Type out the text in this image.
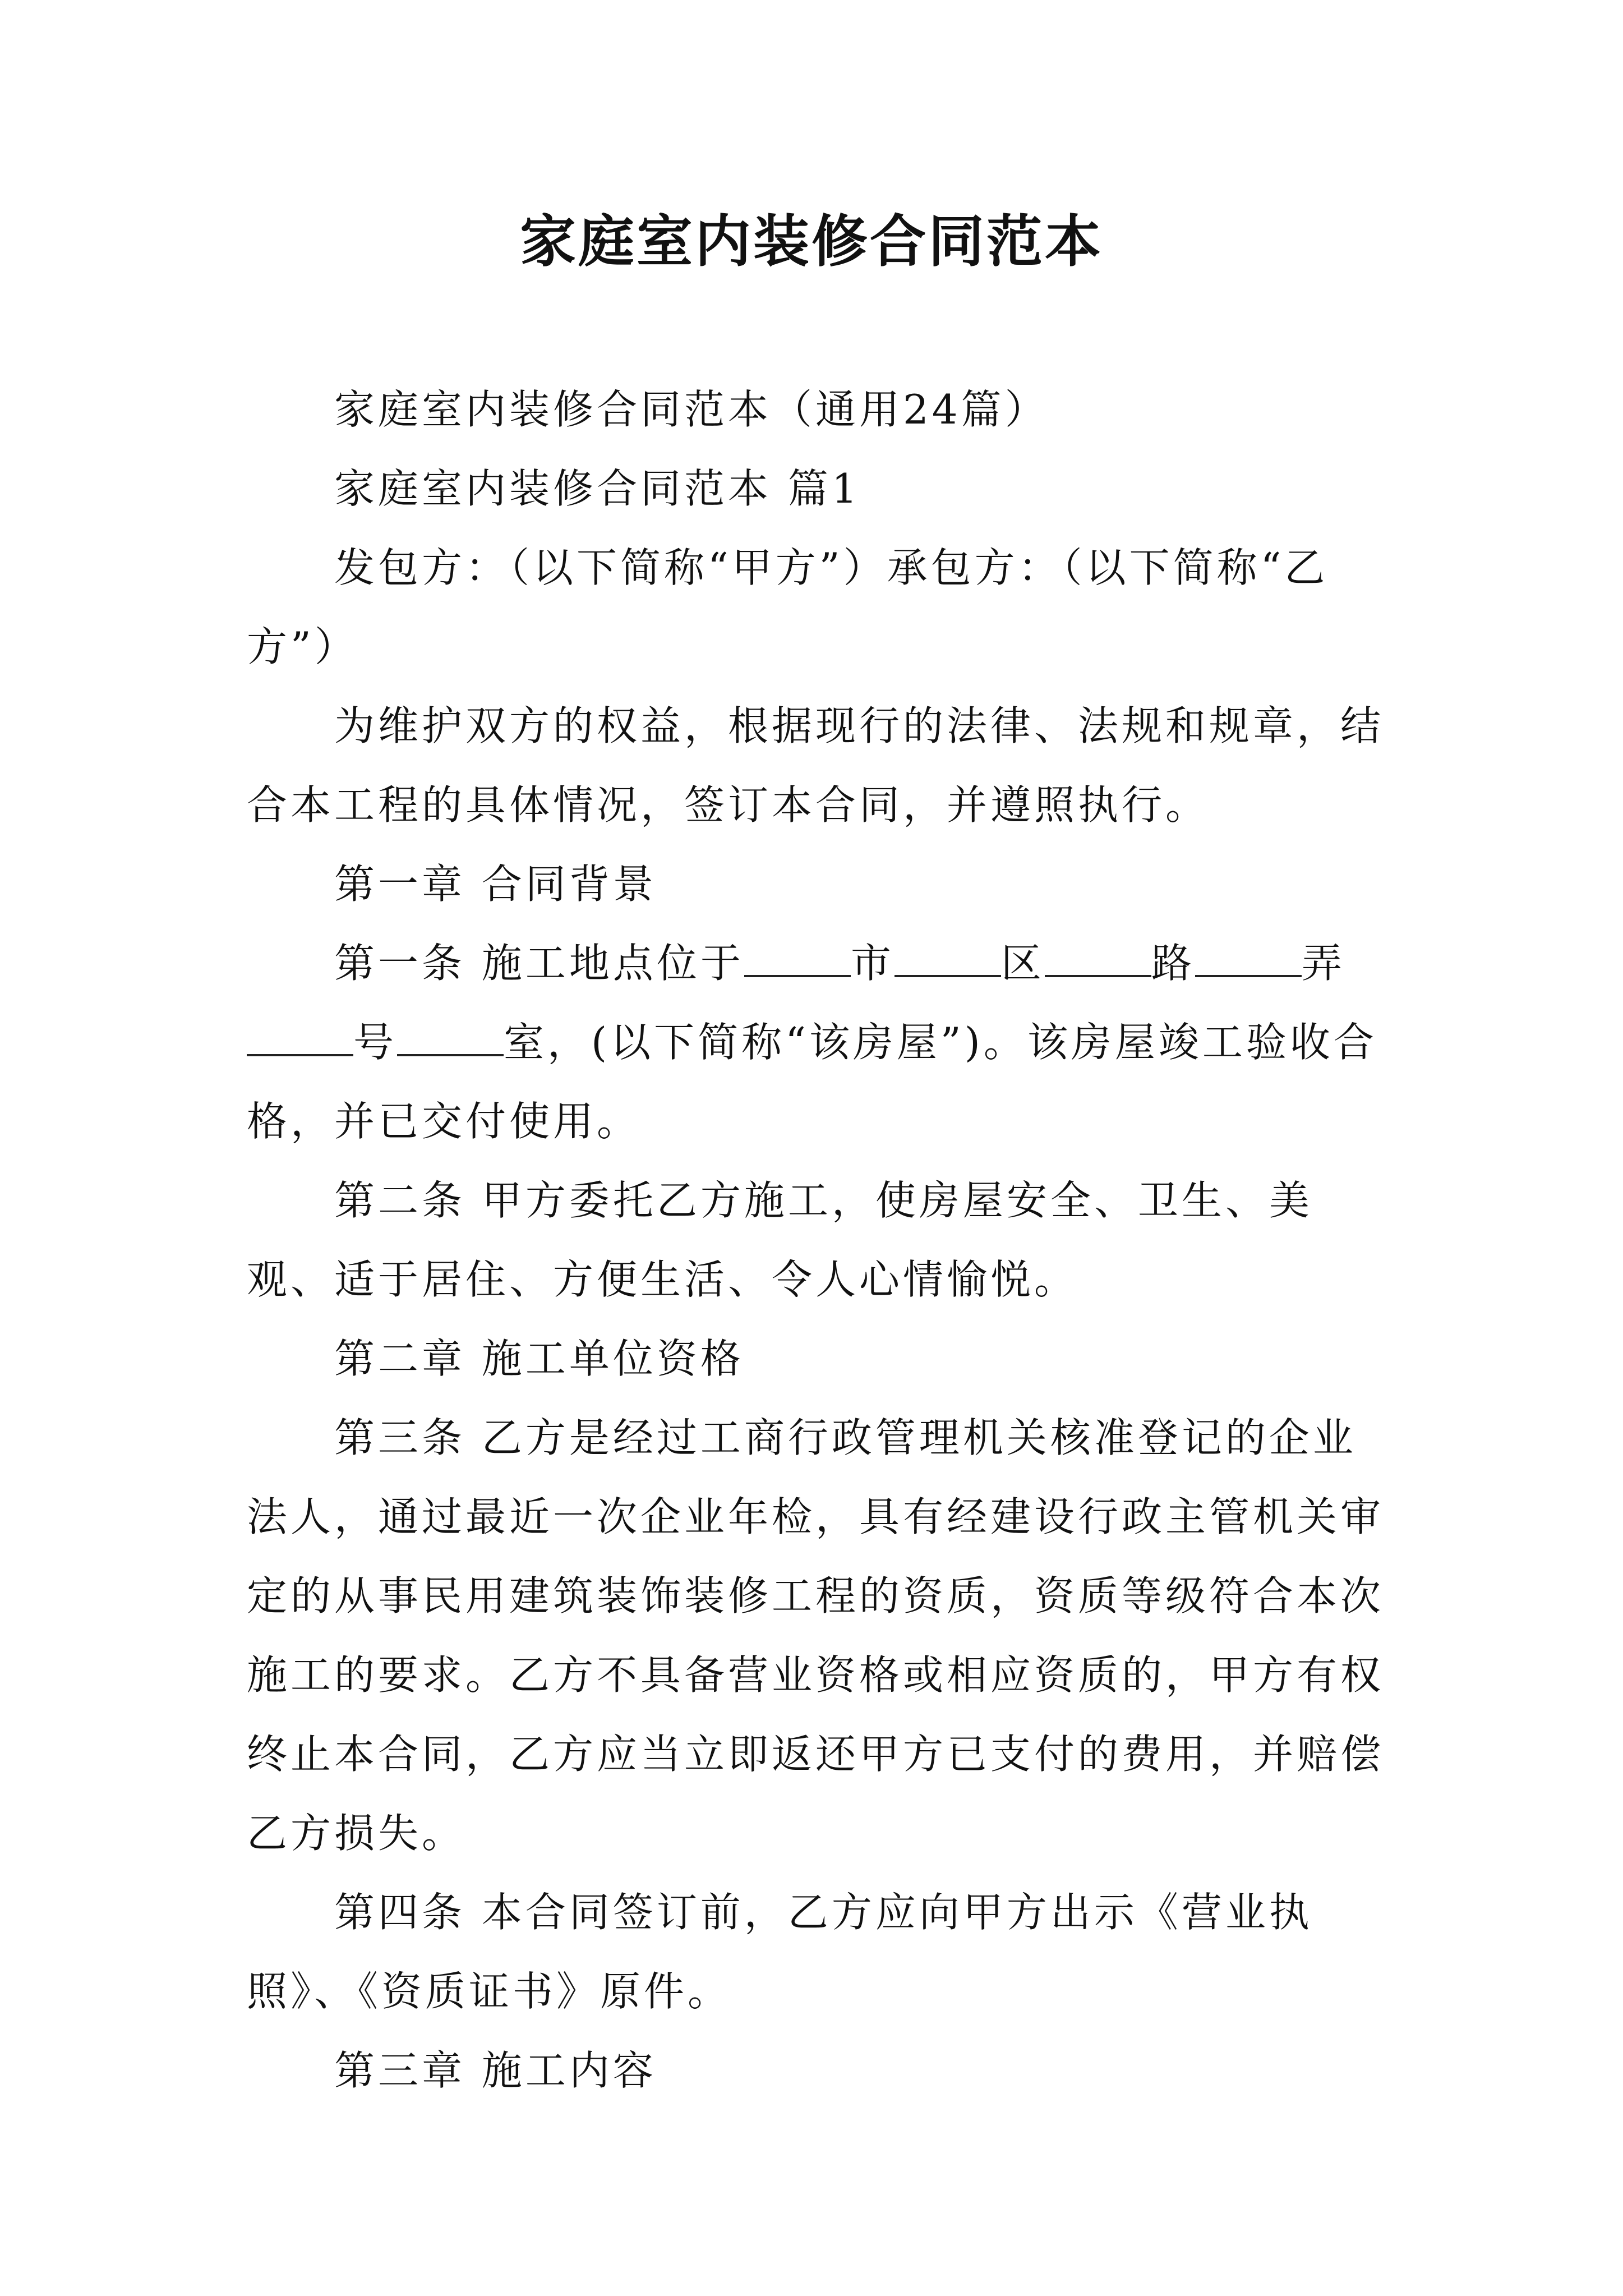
家庭室内装修合同范本

家庭室内装修合同范本（通用24篇）

家庭室内装修合同范本 篇1

发包方：（以下简称“甲方”）承包方：（以下简称“乙方”）

为维护双方的权益，根据现行的法律、法规和规章，结合本工程的具体情况，签订本合同，并遵照执行。

第一章 合同背景

第一条 施工地点位于	市	区	路	弄号	室，(以下简称“该房屋”)。该房屋竣工验收合格，并已交付使用。

第二条 甲方委托乙方施工，使房屋安全、卫生、美观、适于居住、方便生活、令人心情愉悦。

第二章 施工单位资格

第三条 乙方是经过工商行政管理机关核准登记的企业法人，通过最近一次企业年检，具有经建设行政主管机关审定的从事民用建筑装饰装修工程的资质，资质等级符合本次施工的要求。乙方不具备营业资格或相应资质的，甲方有权终止本合同，乙方应当立即返还甲方已支付的费用，并赔偿乙方损失。

第四条 本合同签订前，乙方应向甲方出示《营业执照》、《资质证书》原件。

第三章 施工内容
